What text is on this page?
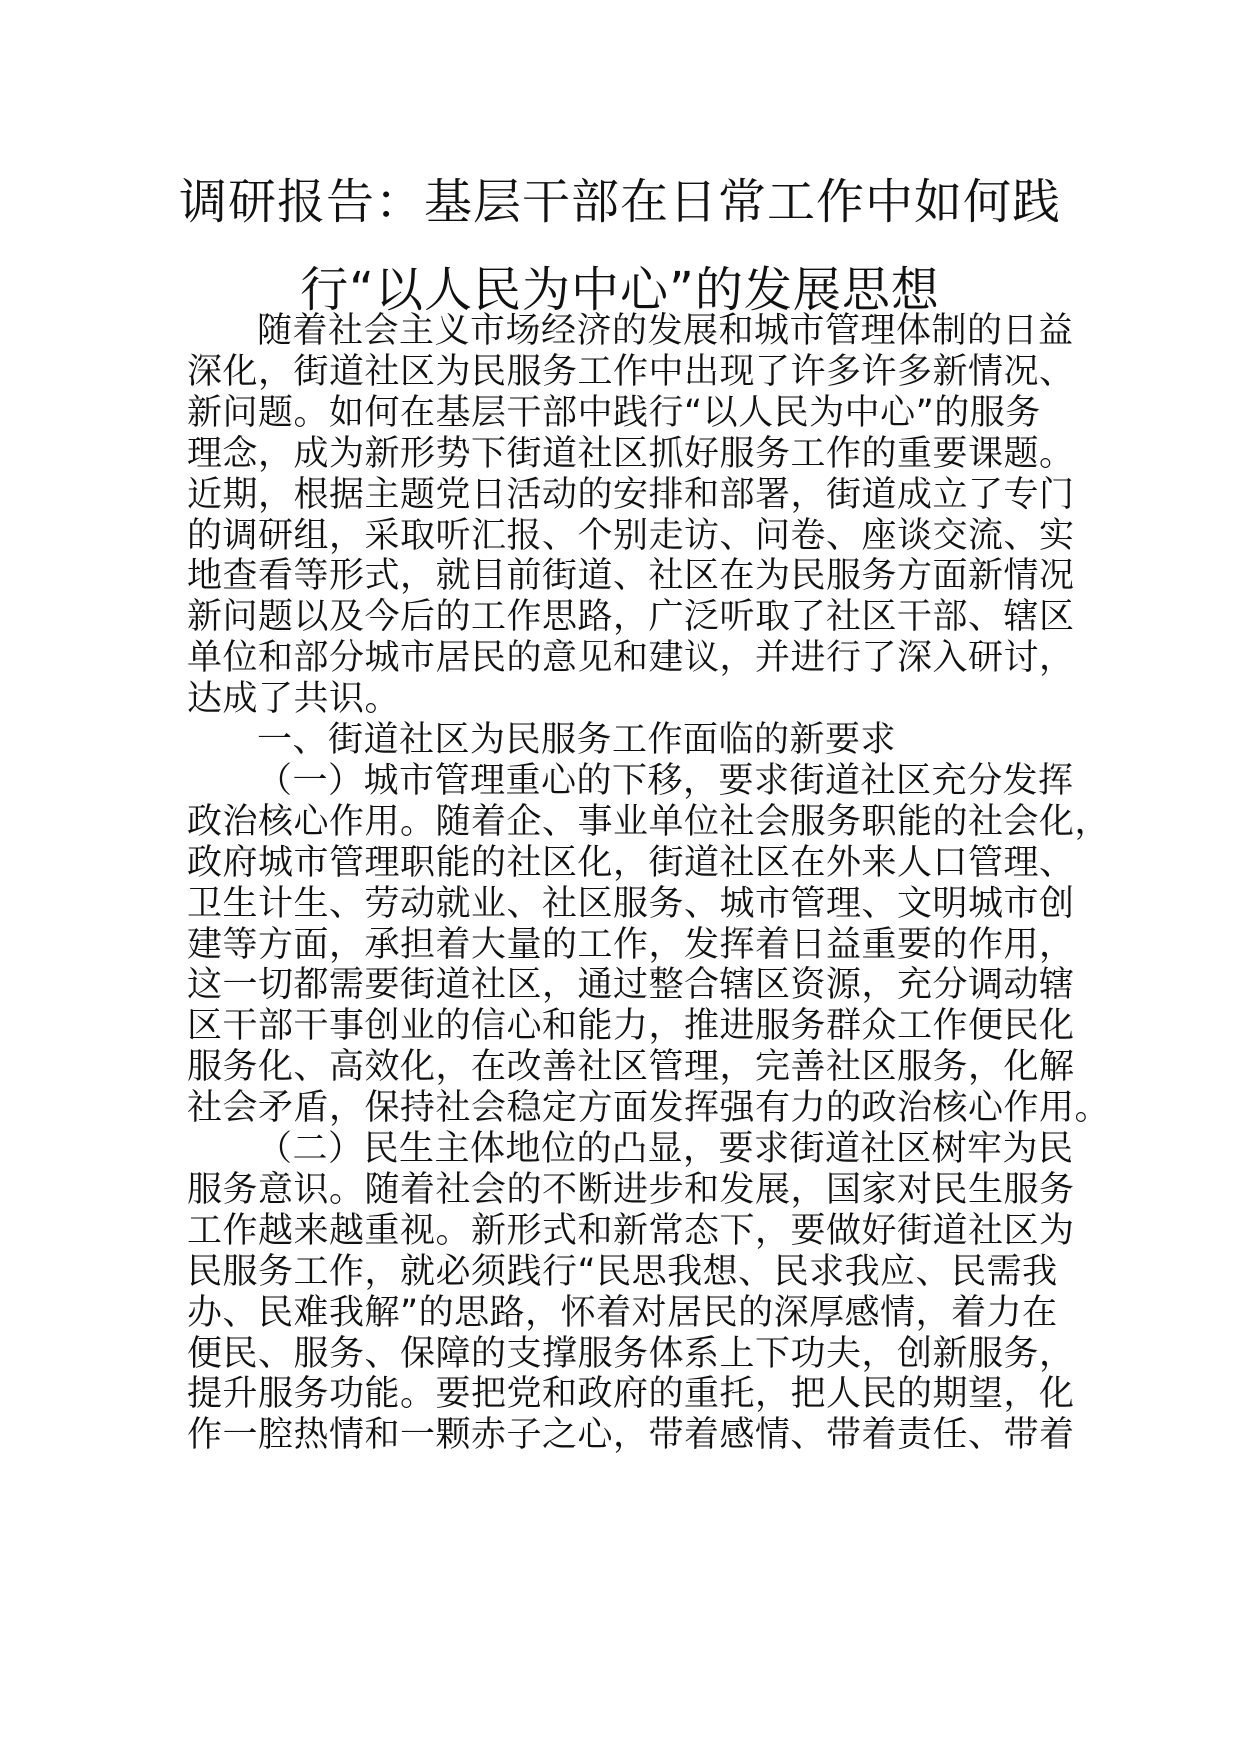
调研报告：基层干部在日常工作中如何践
行“以人民为中心”的发展思想
随着社会主义市场经济的发展和城市管理体制的日益
深化，街道社区为民服务工作中出现了许多许多新情况、
新问题。如何在基层干部中践行“以人民为中心”的服务
理念，成为新形势下街道社区抓好服务工作的重要课题。
近期，根据主题党日活动的安排和部署，街道成立了专门
的调研组，采取听汇报、个别走访、问卷、座谈交流、实
地查看等形式，就目前街道、社区在为民服务方面新情况
新问题以及今后的工作思路，广泛听取了社区干部、辖区
单位和部分城市居民的意见和建议，并进行了深入研讨，
达成了共识。
一、街道社区为民服务工作面临的新要求
（一）城市管理重心的下移，要求街道社区充分发挥
政治核心作用。随着企、事业单位社会服务职能的社会化，
政府城市管理职能的社区化，街道社区在外来人口管理、
卫生计生、劳动就业、社区服务、城市管理、文明城市创
建等方面，承担着大量的工作，发挥着日益重要的作用，
这一切都需要街道社区，通过整合辖区资源，充分调动辖
区干部干事创业的信心和能力，推进服务群众工作便民化
服务化、高效化，在改善社区管理，完善社区服务，化解
社会矛盾，保持社会稳定方面发挥强有力的政治核心作用。
（二）民生主体地位的凸显，要求街道社区树牢为民
服务意识。随着社会的不断进步和发展，国家对民生服务
工作越来越重视。新形式和新常态下，要做好街道社区为
民服务工作，就必须践行“民思我想、民求我应、民需我
办、民难我解”的思路，怀着对居民的深厚感情，着力在
便民、服务、保障的支撑服务体系上下功夫，创新服务，
提升服务功能。要把党和政府的重托，把人民的期望，化
作一腔热情和一颗赤子之心，带着感情、带着责任、带着
